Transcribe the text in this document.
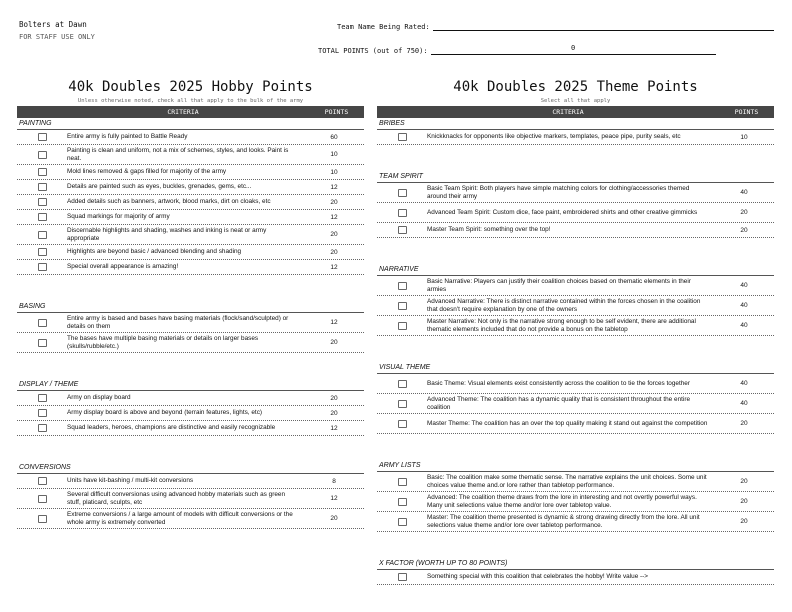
Bolters at Dawn
FOR STAFF USE ONLY
Team Name Being Rated:
TOTAL POINTS (out of 750):	0
40k Doubles 2025 Hobby Points
Unless otherwise noted, check all that apply to the bulk of the army
CRITERIA	POINTS
PAINTING
Entire army is fully painted to Battle Ready	60
Painting is clean and uniform, not a mix of schemes, styles, and looks. Paint is neat.	10
Mold lines removed & gaps filled for majority of the army	10
Details are painted such as eyes, buckles, grenades, gems, etc...	12
Added details such as banners, artwork, blood marks, dirt on cloaks, etc	20
Squad markings for majority of army	12
Discernable highlights and shading, washes and inking is neat or army appropriate	20
Highlights are beyond basic / advanced blending and shading	20
Special overall appearance is amazing!	12
BASING
Entire army is based and bases have basing materials (flock/sand/sculpted) or details on them	12
The bases have multiple basing materials or details on larger bases (skulls/rubble/etc.)	20
DISPLAY / THEME
Army on display board	20
Army display board is above and beyond (terrain features, lights, etc)	20
Squad leaders, heroes, champions are distinctive and easily recognizable	12
CONVERSIONS
Units have kit-bashing / multi-kit conversions	8
Several difficult conversionas using advanced hobby materials such as green stuff, platicard, sculpts, etc	12
Extreme conversions / a large amount of models with difficult conversions or the whole army is extremely converted	20
40k Doubles 2025 Theme Points
Select all that apply
CRITERIA	POINTS
BRIBES
Knickknacks for opponents like objective markers, templates, peace pipe, purity seals, etc	10
TEAM SPIRIT
Basic Team Spirit: Both players have simple matching colors for clothing/accessories themed around their army	40
Advanced Team Spirit: Custom dice, face paint, embroidered shirts and other creative gimmicks	20
Master Team Spirit: something over the top!	20
NARRATIVE
Basic Narrative: Players can justify their coalition choices based on thematic elements in their armies	40
Advanced Narrative: There is distinct narrative contained within the forces chosen in the coalition that doesn't require explanation by one of the owners	40
Master Narrative: Not only is the narrative strong enough to be self evident, there are additional thematic elements included that do not provide a bonus on the tabletop	40
VISUAL THEME
Basic Theme: Visual elements exist consistently across the coalition to tie the forces together	40
Advanced Theme: The coalition has a dynamic quality that is consistent throughout the entire coalition	40
Master Theme: The coalition has an over the top quality making it stand out against the competition	20
ARMY LISTS
Basic: The coalition make some thematic sense. The narrative explains the unit choices. Some unit choices value theme and.or lore rather than tabletop performance.	20
Advanced: The coalition theme draws from the lore in interesting and not overtly powerful ways. Many unit selections value theme and/or lore over tabletop value.	20
Master: The coalition theme presented is dynamic & strong drawing directly from the lore. All unit selections value theme and/or lore over tabletop performance.	20
X FACTOR (WORTH UP TO 80 POINTS)
Something special with this coalition that celebrates the hobby! Write value -->
